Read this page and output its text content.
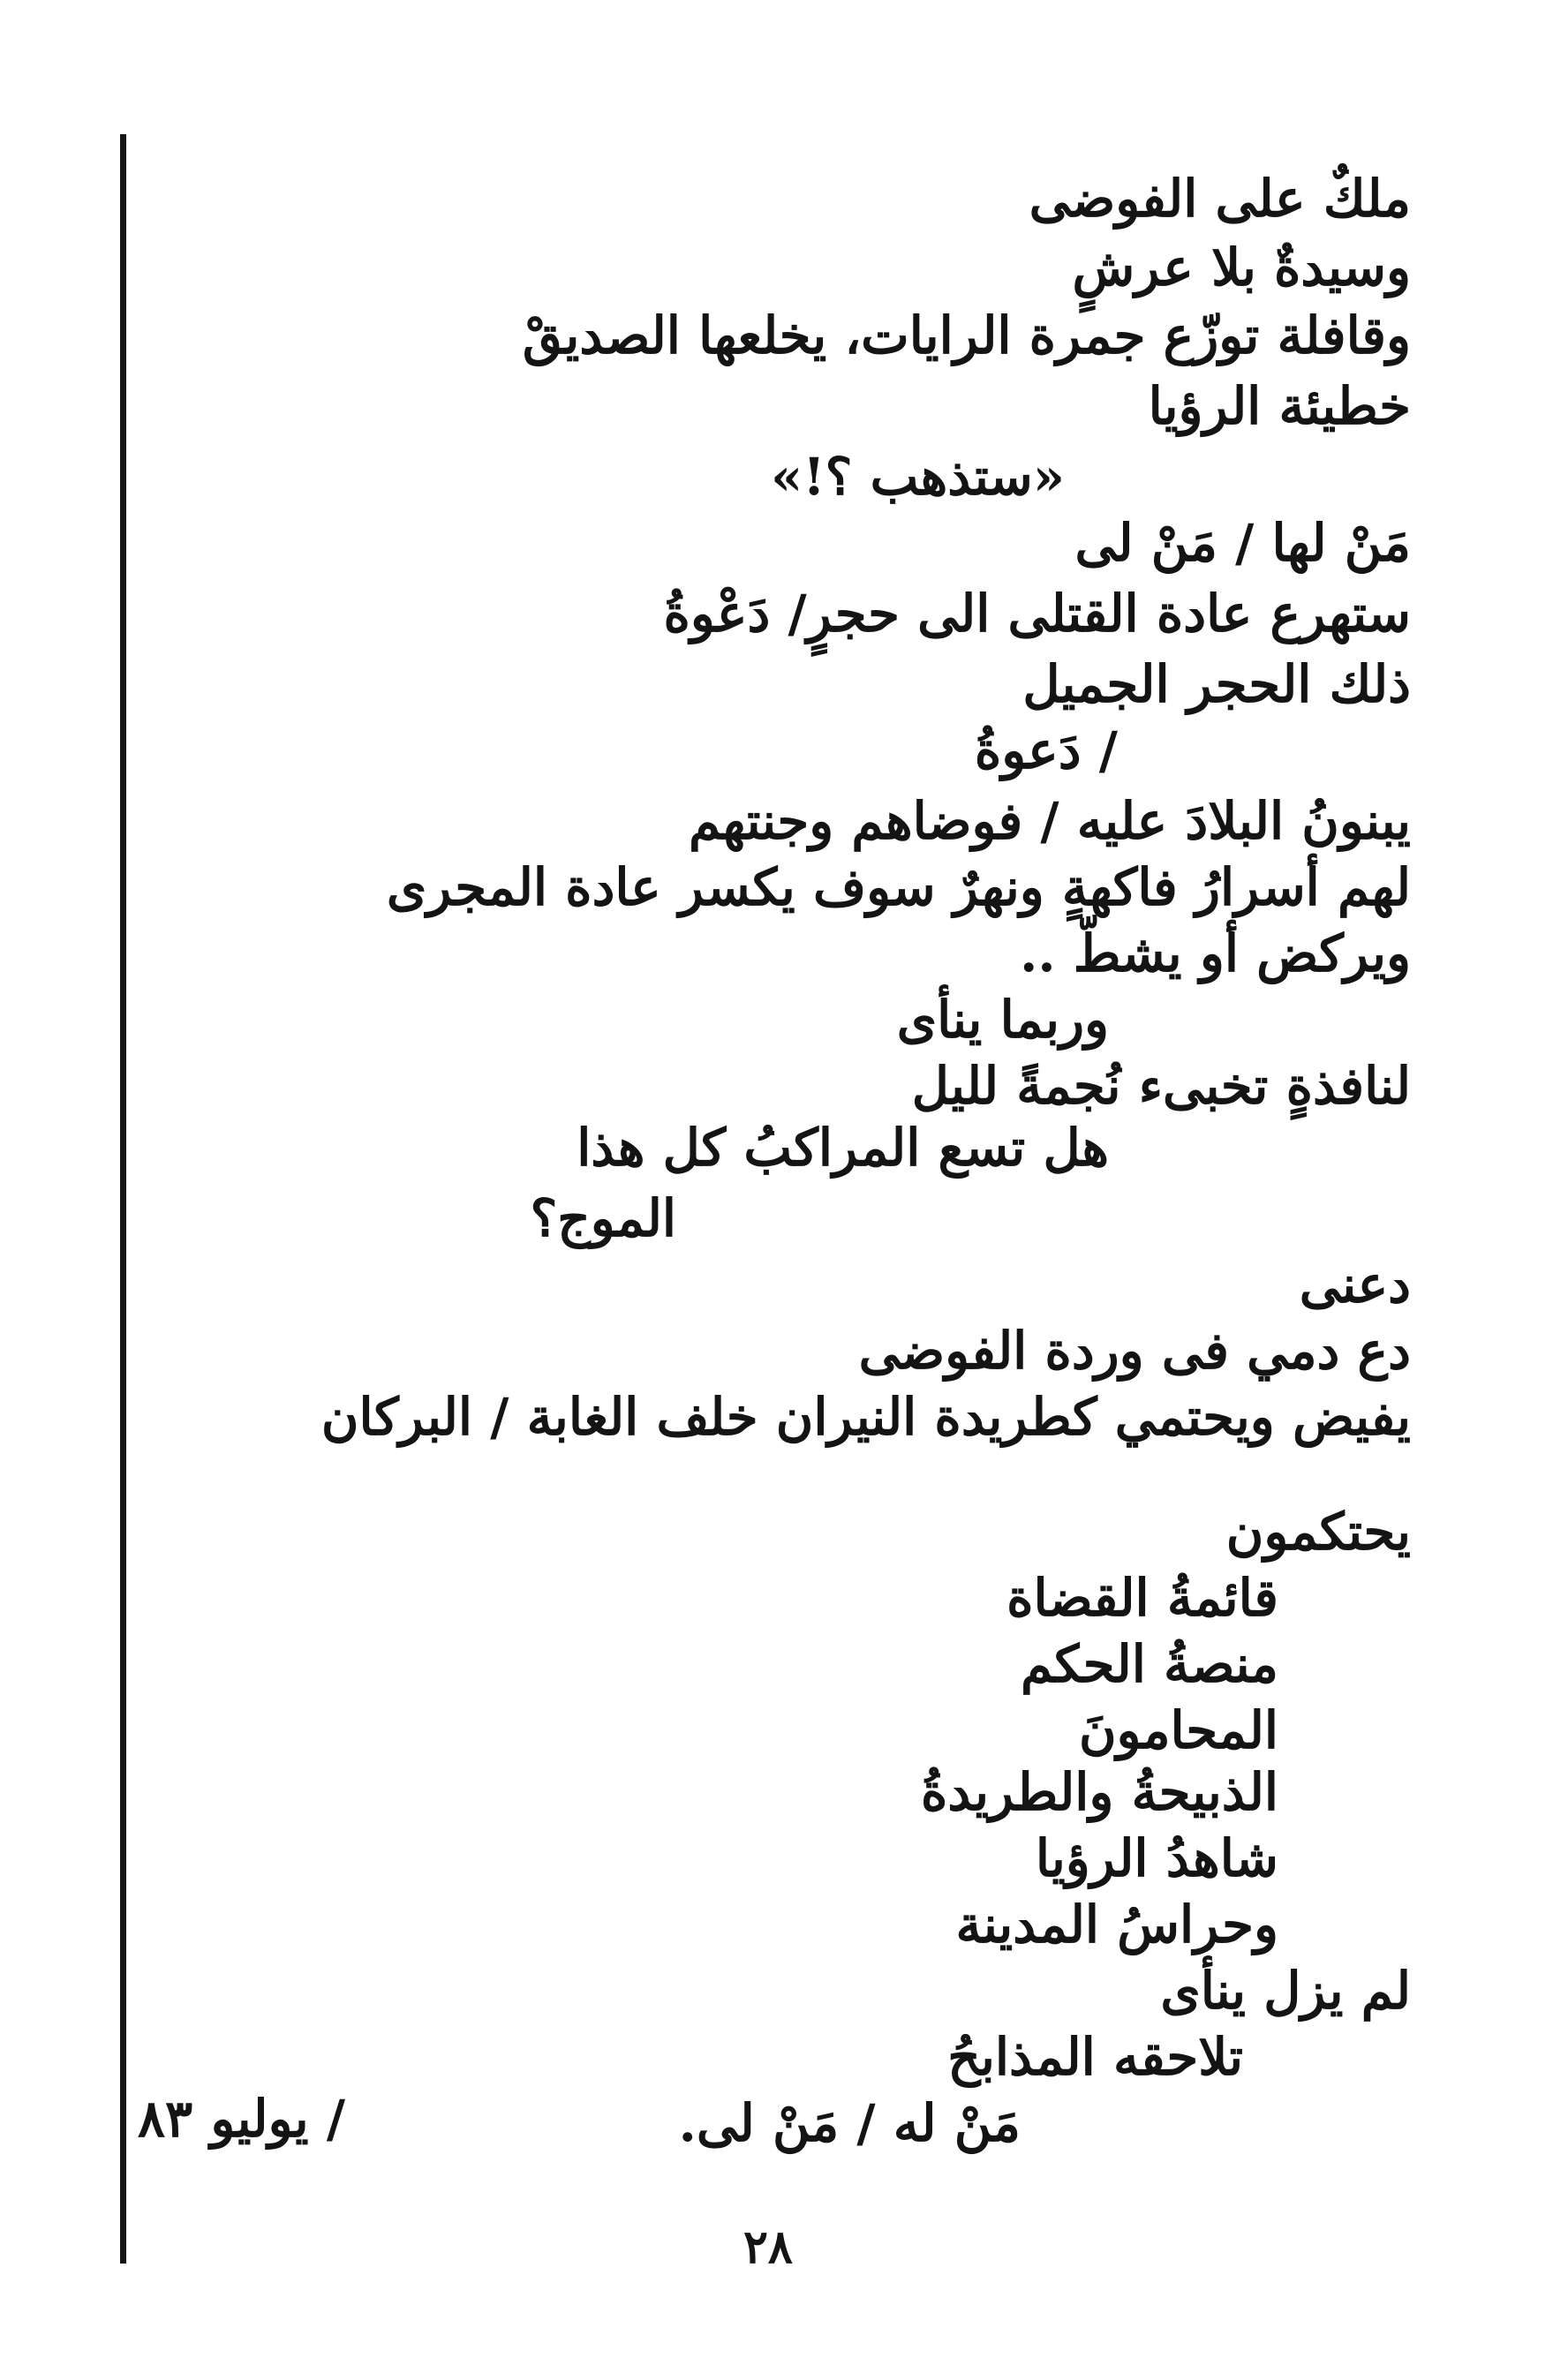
ملكٌ على الفوضى
وسيدةٌ بلا عرشٍ
وقافلة توزّع جمرة الرايات، يخلعها الصديقْ
خطيئة الرؤيا
«ستذهب ؟!»
مَنْ لها / مَنْ لى
ستهرع عادة القتلى الى حجرٍ/ دَعْوةُ
ذلك الحجر الجميل
/ دَعوةُ
يبنونُ البلادَ عليه / فوضاهم وجنتهم
لهم أسرارُ فاكهةٍ ونهرٌ سوف يكسر عادة المجرى
ويركض أو يشطّ ..
وربما ينأى
لنافذةٍ تخبىء نُجمةً لليل
هل تسع المراكبُ كل هذا
الموج؟
دعنى
دع دمي فى وردة الفوضى
يفيض ويحتمي كطريدة النيران خلف الغابة / البركان
يحتكمون
قائمةُ القضاة
منصةُ الحكم
المحامونَ
الذبيحةُ والطريدةُ
شاهدُ الرؤيا
وحراسُ المدينة
لم يزل ينأى
تلاحقه المذابحُ
مَنْ له / مَنْ لى.
/ يوليو ٨٣
٢٨
